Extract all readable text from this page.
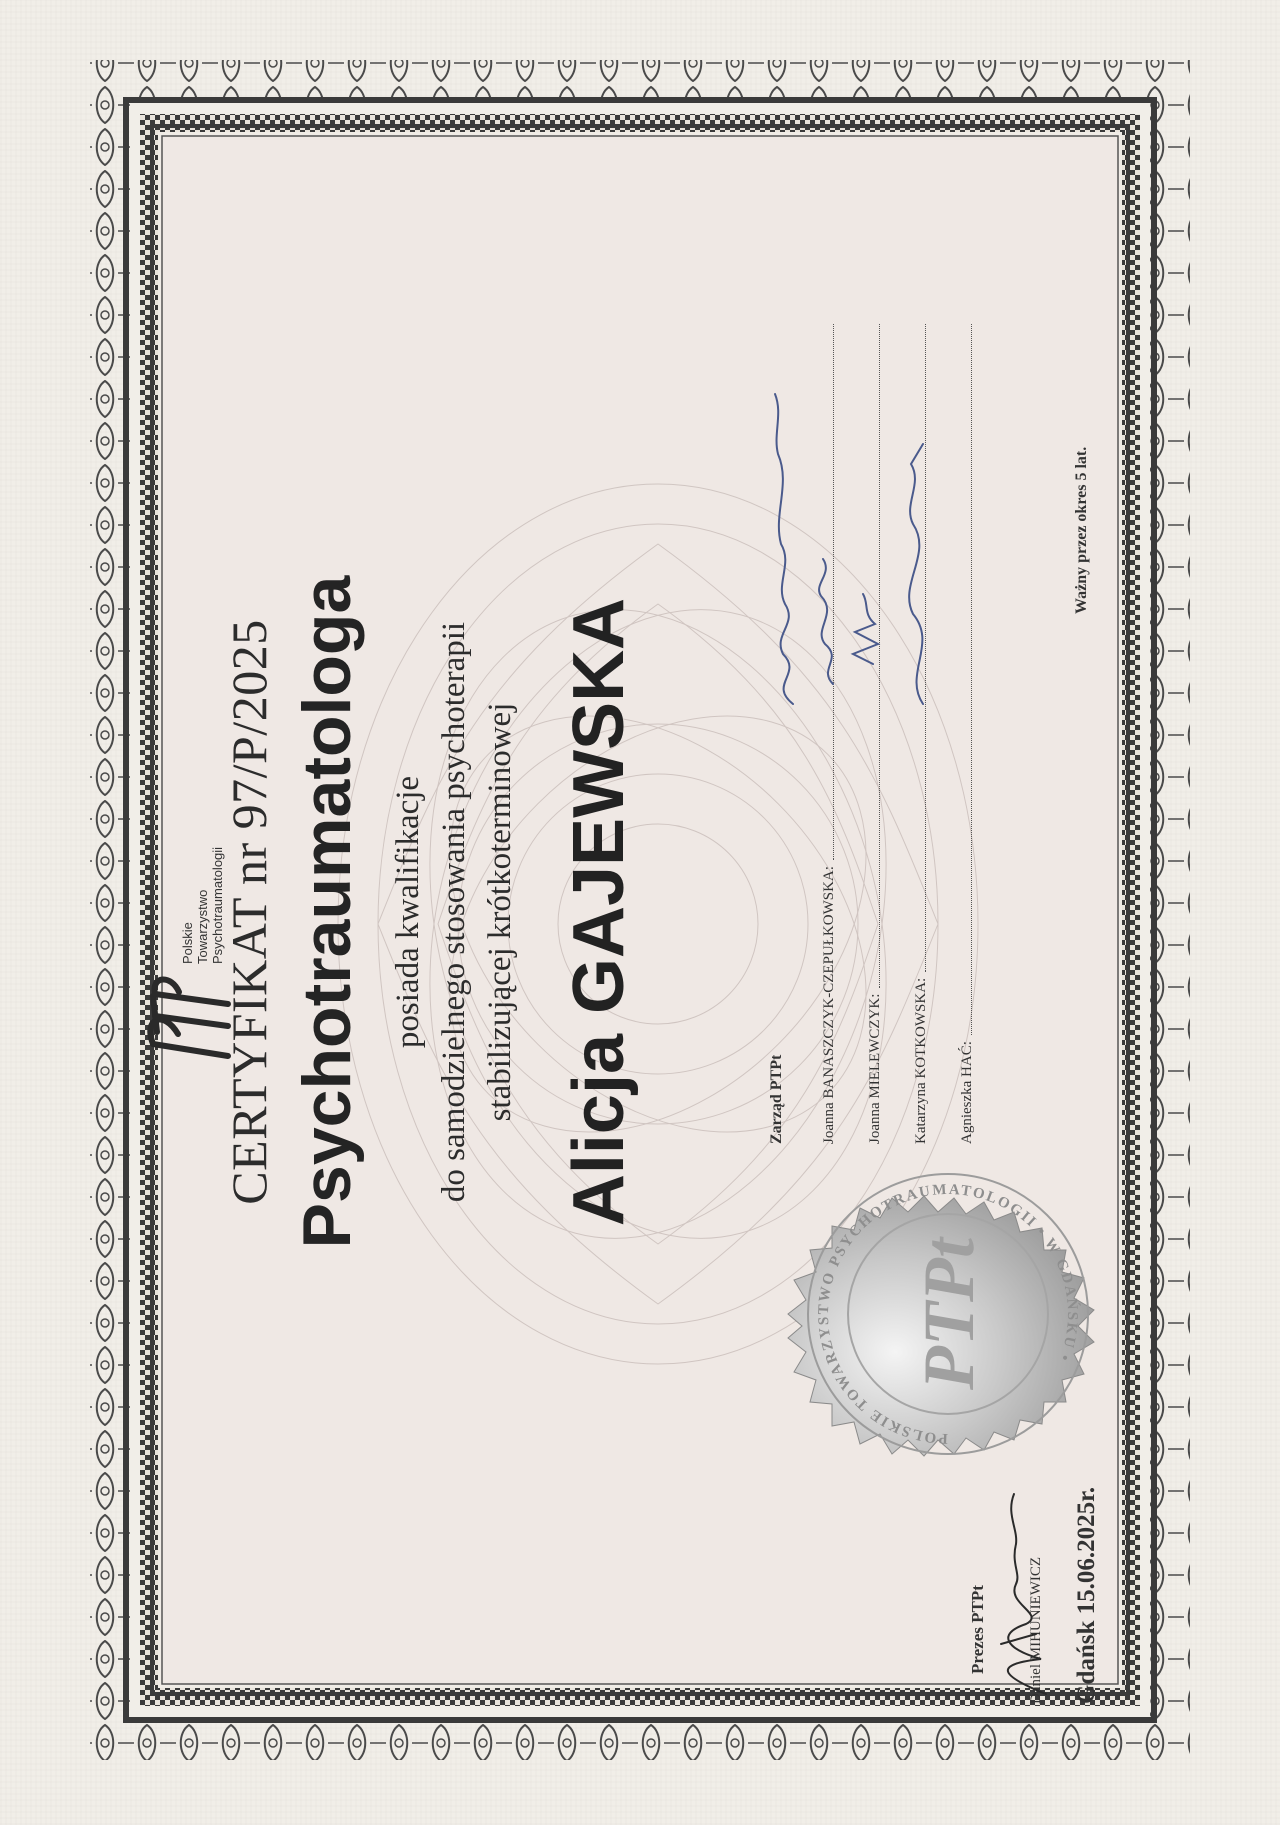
Polskie Towarzystwo Psychotraumatologii
CERTYFIKAT nr 97/P/2025 Psychotraumatologa posiada kwalifikacje do samodzielnego stosowania psychoterapii stabilizującej krótkoterminowej Alicja GAJEWSKA
POLSKIE TOWARZYSTWO PSYCHOTRAUMATOLOGII • W GDAŃSKU •
PTPt
Zarząd PTPt Joanna BANASZCZYK-CZEPUŁKOWSKA: Joanna MIELEWCZYK: Katarzyna KOTKOWSKA: Agnieszka HAĆ:
Ważny przez okres 5 lat.
Prezes PTPt	Daniel MIHUNIEWICZ Gdańsk 15.06.2025r.
